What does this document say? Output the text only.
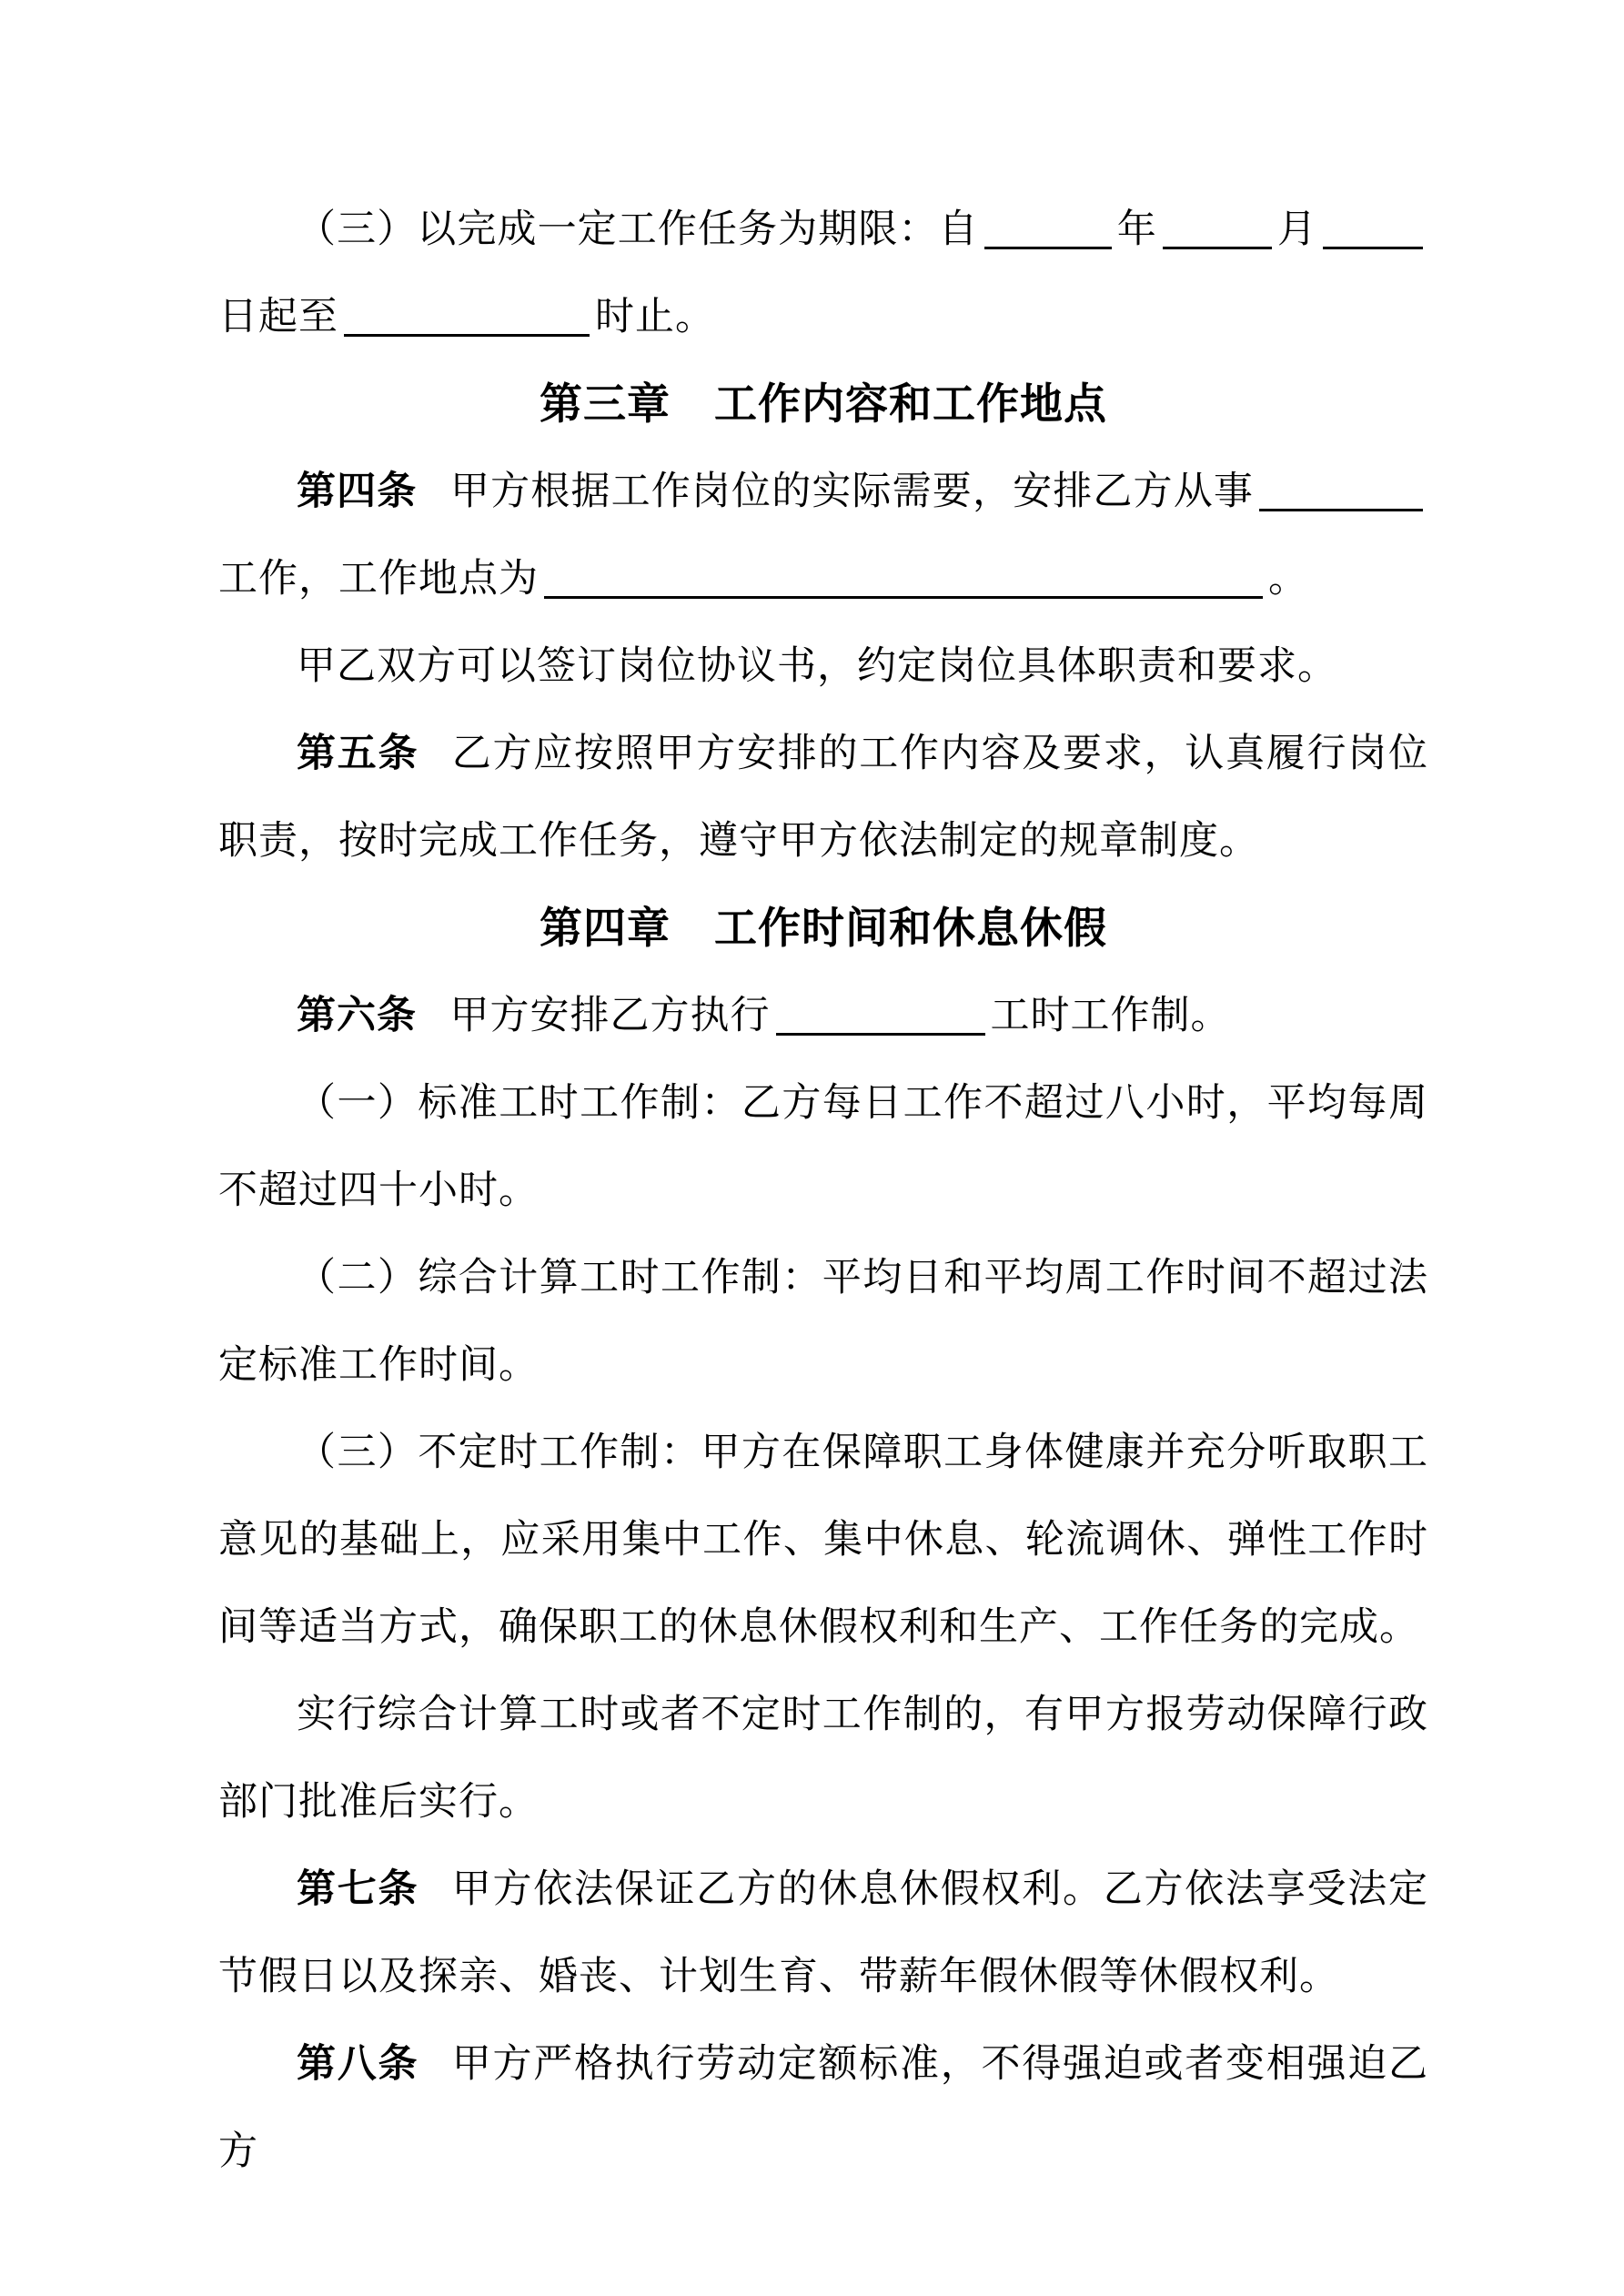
（三）以完成一定工作任务为期限：自	年	月日起至	时止。

第三章　工作内容和工作地点

第四条 甲方根据工作岗位的实际需要，安排乙方从事工作，工作地点为	。

甲乙双方可以签订岗位协议书，约定岗位具体职责和要求。

第五条 乙方应按照甲方安排的工作内容及要求，认真履行岗位职责，按时完成工作任务，遵守甲方依法制定的规章制度。

第四章　工作时间和休息休假

第六条 甲方安排乙方执行	工时工作制。

（一）标准工时工作制：乙方每日工作不超过八小时，平均每周不超过四十小时。

（二）综合计算工时工作制：平均日和平均周工作时间不超过法定标准工作时间。

（三）不定时工作制：甲方在保障职工身体健康并充分听取职工意见的基础上，应采用集中工作、集中休息、轮流调休、弹性工作时间等适当方式，确保职工的休息休假权利和生产、工作任务的完成。

实行综合计算工时或者不定时工作制的，有甲方报劳动保障行政部门批准后实行。

第七条 甲方依法保证乙方的休息休假权利。乙方依法享受法定节假日以及探亲、婚丧、计划生育、带薪年假休假等休假权利。

第八条 甲方严格执行劳动定额标准，不得强迫或者变相强迫乙方
